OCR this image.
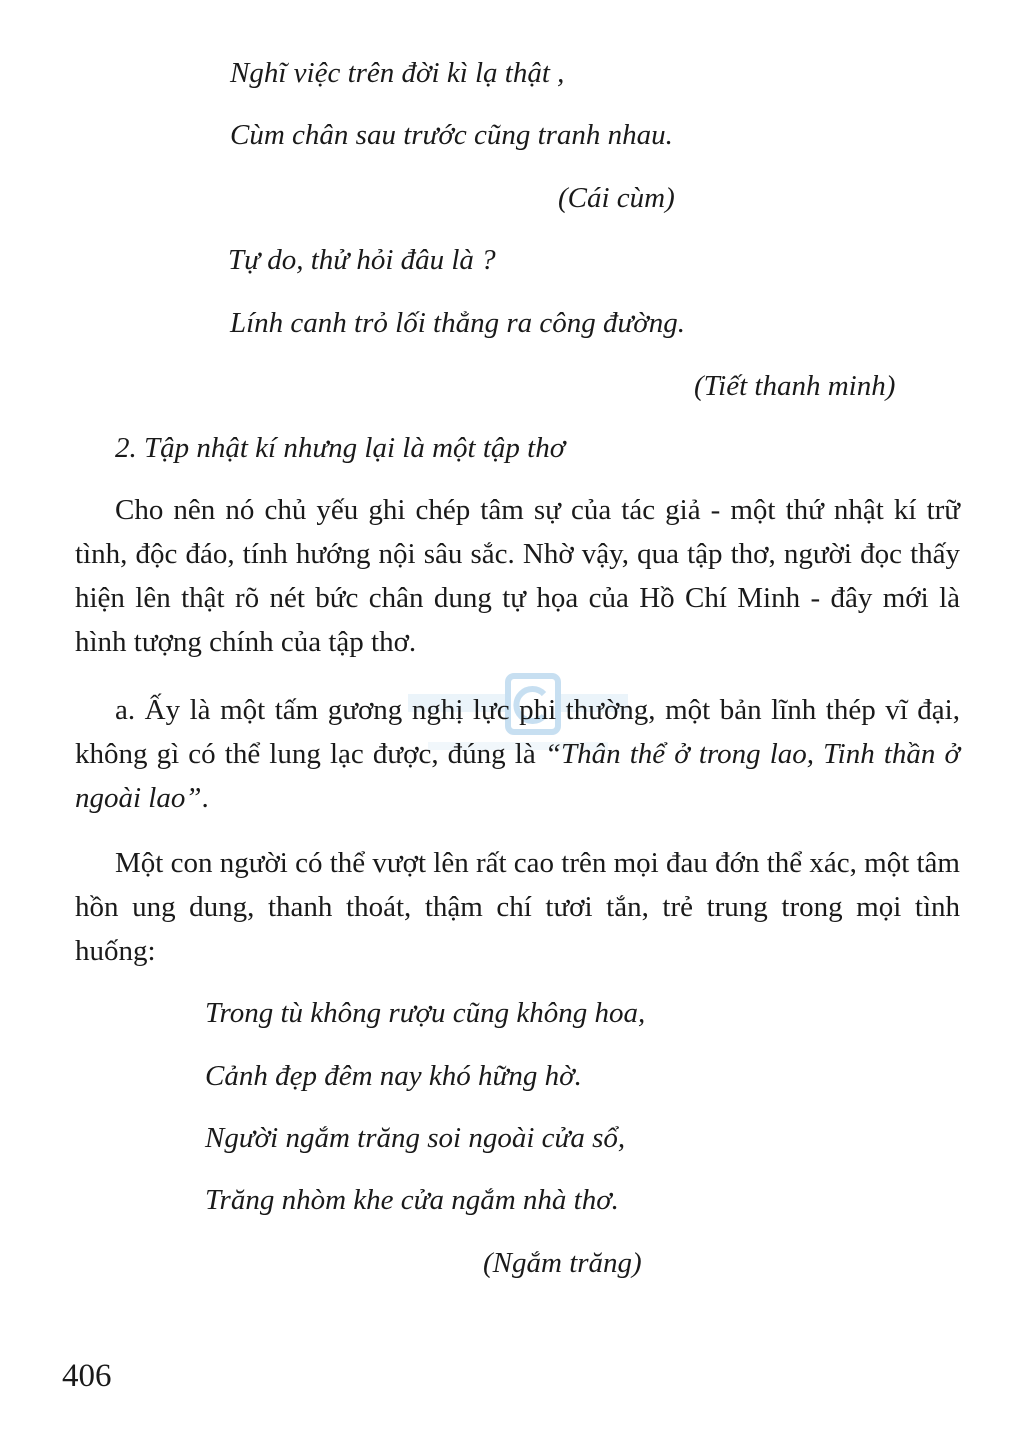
Nghĩ việc trên đời kì lạ thật ,
Cùm chân sau trước cũng tranh nhau.
(Cái cùm)
Tự do, thử hỏi đâu là ?
Lính canh trỏ lối thẳng ra công đường.
(Tiết thanh minh)
2. Tập nhật kí nhưng lại là một tập thơ
Cho nên nó chủ yếu ghi chép tâm sự của tác giả - một thứ nhật kí trữ tình, độc đáo, tính hướng nội sâu sắc. Nhờ vậy, qua tập thơ, người đọc thấy hiện lên thật rõ nét bức chân dung tự họa của Hồ Chí Minh - đây mới là hình tượng chính của tập thơ.
a. Ấy là một tấm gương nghị lực phi thường, một bản lĩnh thép vĩ đại, không gì có thể lung lạc được, đúng là “Thân thể ở trong lao, Tinh thần ở ngoài lao”.
Một con người có thể vượt lên rất cao trên mọi đau đớn thể xác, một tâm hồn ung dung, thanh thoát, thậm chí tươi tắn, trẻ trung trong mọi tình huống:
Trong tù không rượu cũng không hoa,
Cảnh đẹp đêm nay khó hững hờ.
Người ngắm trăng soi ngoài cửa sổ,
Trăng nhòm khe cửa ngắm nhà thơ.
(Ngắm trăng)
406
